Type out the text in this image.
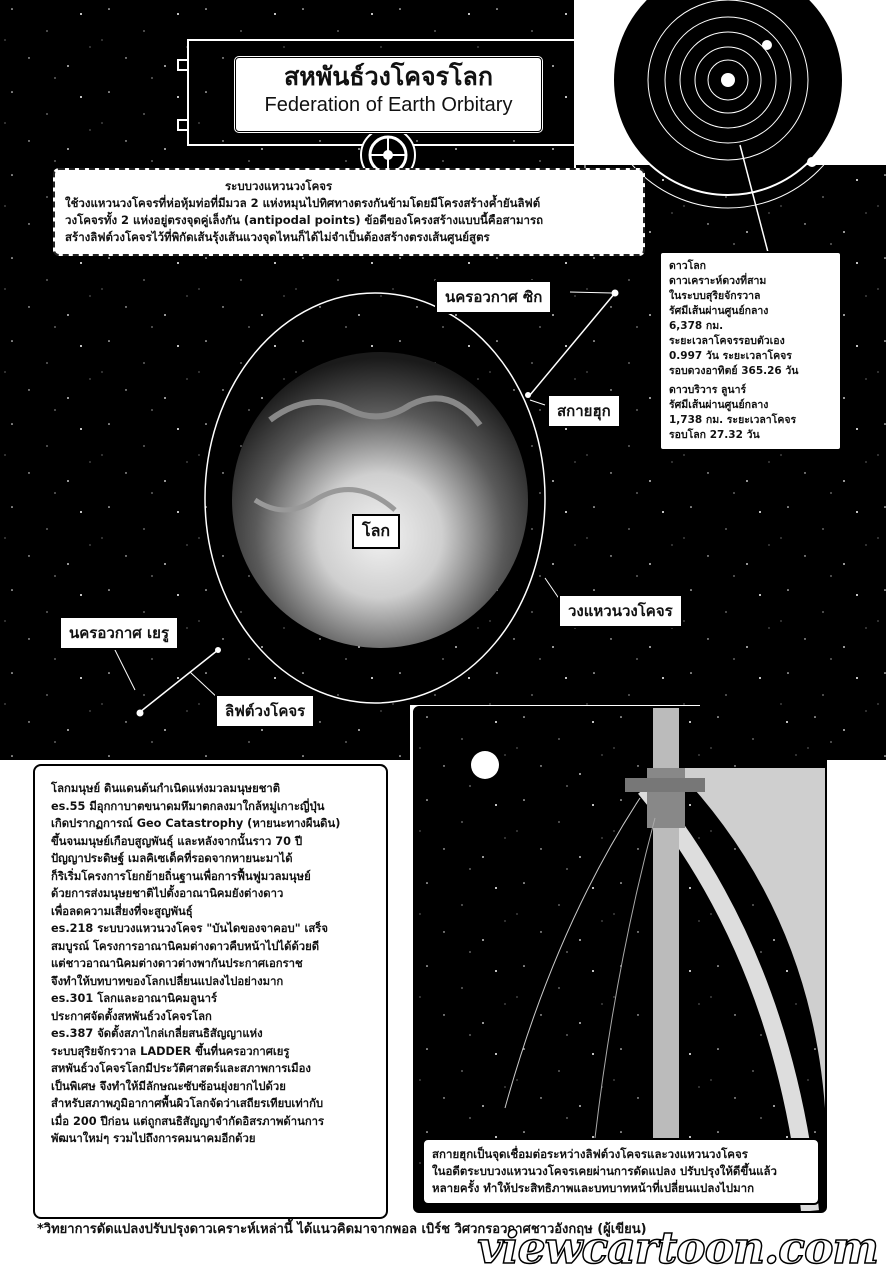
สหพันธ์วงโคจรโลก
Federation of Earth Orbitary
ระบบวงแหวนวงโคจร
ใช้วงแหวนวงโคจรที่ห่อหุ้มท่อที่มีมวล 2 แห่งหมุนไปทิศทางตรงกันข้ามโดยมีโครงสร้างค้ำยันลิฟต์
วงโคจรทั้ง 2 แห่งอยู่ตรงจุดคู่เล็งกัน (antipodal points) ข้อดีของโครงสร้างแบบนี้คือสามารถ
สร้างลิฟต์วงโคจรไว้ที่พิกัดเส้นรุ้งเส้นแวงจุดไหนก็ได้ไม่จำเป็นต้องสร้างตรงเส้นศูนย์สูตร
ดาวโลก
ดาวเคราะห์ดวงที่สาม
ในระบบสุริยจักรวาล
รัศมีเส้นผ่านศูนย์กลาง
6,378 กม.
ระยะเวลาโคจรรอบตัวเอง
0.997 วัน ระยะเวลาโคจร
รอบดวงอาทิตย์ 365.26 วัน
ดาวบริวาร ลูนาร์
รัศมีเส้นผ่านศูนย์กลาง
1,738 กม. ระยะเวลาโคจร
รอบโลก 27.32 วัน
นครอวกาศ ซิก
สกายฮุก
โลก
วงแหวนวงโคจร
นครอวกาศ เยรู
ลิฟต์วงโคจร
โลกมนุษย์ ดินแดนต้นกำเนิดแห่งมวลมนุษยชาติ
es.55 มีอุกกาบาตขนาดมหึมาตกลงมาใกล้หมู่เกาะญี่ปุ่น
เกิดปรากฏการณ์ Geo Catastrophy (หายนะทางผืนดิน)
ขึ้นจนมนุษย์เกือบสูญพันธุ์ และหลังจากนั้นราว 70 ปี
ปัญญาประดิษฐ์ เมลคิเซเด็คที่รอดจากหายนะมาได้
ก็ริเริ่มโครงการโยกย้ายถิ่นฐานเพื่อการฟื้นฟูมวลมนุษย์
ด้วยการส่งมนุษยชาติไปตั้งอาณานิคมยังต่างดาว
เพื่อลดความเสี่ยงที่จะสูญพันธุ์
es.218 ระบบวงแหวนวงโคจร "บันไดของจาคอบ" เสร็จ
สมบูรณ์ โครงการอาณานิคมต่างดาวคืบหน้าไปได้ด้วยดี
แต่ชาวอาณานิคมต่างดาวต่างพากันประกาศเอกราช
จึงทำให้บทบาทของโลกเปลี่ยนแปลงไปอย่างมาก
es.301 โลกและอาณานิคมลูนาร์
ประกาศจัดตั้งสหพันธ์วงโคจรโลก
es.387 จัดตั้งสภาไกล่เกลี่ยสนธิสัญญาแห่ง
ระบบสุริยจักรวาล LADDER ขึ้นที่นครอวกาศเยรู
สหพันธ์วงโคจรโลกมีประวัติศาสตร์และสภาพการเมือง
เป็นพิเศษ จึงทำให้มีลักษณะซับซ้อนยุ่งยากไปด้วย
สำหรับสภาพภูมิอากาศพื้นผิวโลกจัดว่าเสถียรเทียบเท่ากับ
เมื่อ 200 ปีก่อน แต่ถูกสนธิสัญญาจำกัดอิสรภาพด้านการ
พัฒนาใหม่ๆ รวมไปถึงการคมนาคมอีกด้วย
สกายฮุกเป็นจุดเชื่อมต่อระหว่างลิฟต์วงโคจรและวงแหวนวงโคจร
ในอดีตระบบวงแหวนวงโคจรเคยผ่านการดัดแปลง ปรับปรุงให้ดีขึ้นแล้ว
หลายครั้ง ทำให้ประสิทธิภาพและบทบาทหน้าที่เปลี่ยนแปลงไปมาก
*วิทยาการดัดแปลงปรับปรุงดาวเคราะห์เหล่านี้ ได้แนวคิดมาจากพอล เบิร์ช วิศวกรอวกาศชาวอังกฤษ (ผู้เขียน)
viewcartoon.com
